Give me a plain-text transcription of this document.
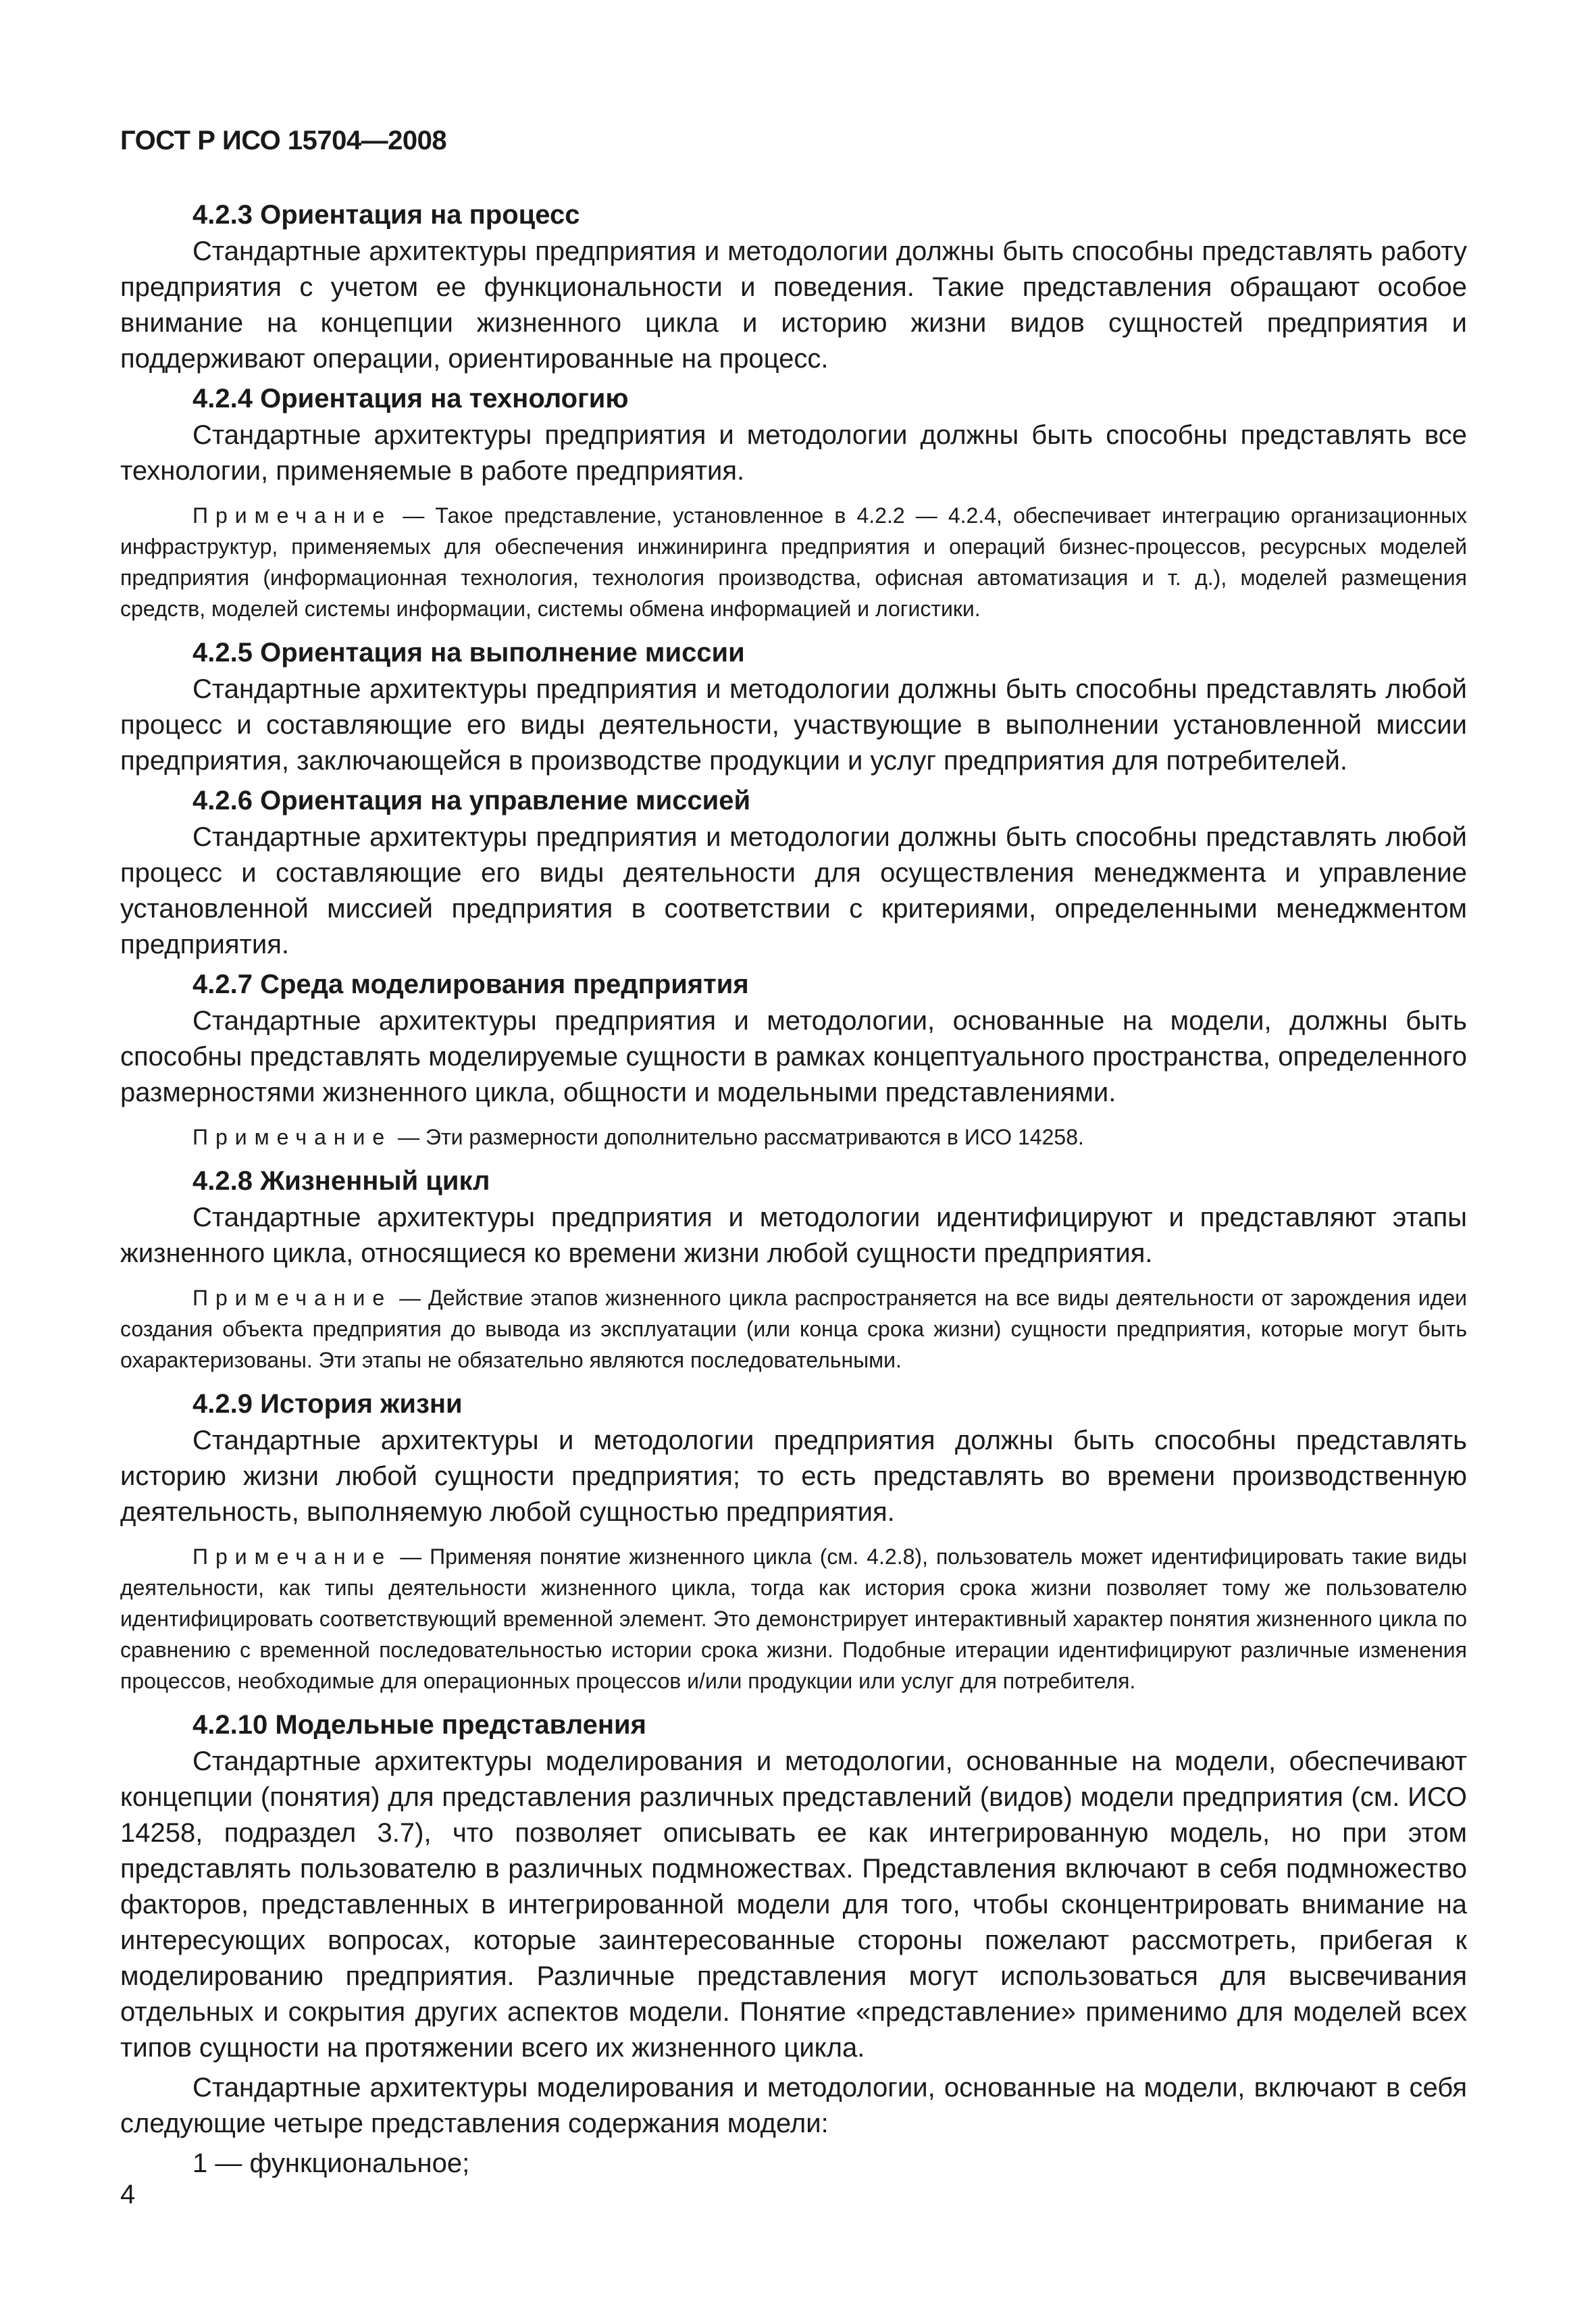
ГОСТ Р ИСО 15704—2008
4.2.3 Ориентация на процесс

Стандартные архитектуры предприятия и методологии должны быть способны представлять работу предприятия с учетом ее функциональности и поведения. Такие представления обращают особое внимание на концепции жизненного цикла и историю жизни видов сущностей предприятия и поддерживают операции, ориентированные на процесс.

4.2.4 Ориентация на технологию

Стандартные архитектуры предприятия и методологии должны быть способны представлять все технологии, применяемые в работе предприятия.

Примечание — Такое представление, установленное в 4.2.2 — 4.2.4, обеспечивает интеграцию организационных инфраструктур, применяемых для обеспечения инжиниринга предприятия и операций бизнес-процессов, ресурсных моделей предприятия (информационная технология, технология производства, офисная автоматизация и т. д.), моделей размещения средств, моделей системы информации, системы обмена информацией и логистики.

4.2.5 Ориентация на выполнение миссии

Стандартные архитектуры предприятия и методологии должны быть способны представлять любой процесс и составляющие его виды деятельности, участвующие в выполнении установленной миссии предприятия, заключающейся в производстве продукции и услуг предприятия для потребителей.

4.2.6 Ориентация на управление миссией

Стандартные архитектуры предприятия и методологии должны быть способны представлять любой процесс и составляющие его виды деятельности для осуществления менеджмента и управление установленной миссией предприятия в соответствии с критериями, определенными менеджментом предприятия.

4.2.7 Среда моделирования предприятия

Стандартные архитектуры предприятия и методологии, основанные на модели, должны быть способны представлять моделируемые сущности в рамках концептуального пространства, определенного размерностями жизненного цикла, общности и модельными представлениями.

Примечание — Эти размерности дополнительно рассматриваются в ИСО 14258.

4.2.8 Жизненный цикл

Стандартные архитектуры предприятия и методологии идентифицируют и представляют этапы жизненного цикла, относящиеся ко времени жизни любой сущности предприятия.

Примечание — Действие этапов жизненного цикла распространяется на все виды деятельности от зарождения идеи создания объекта предприятия до вывода из эксплуатации (или конца срока жизни) сущности предприятия, которые могут быть охарактеризованы. Эти этапы не обязательно являются последовательными.

4.2.9 История жизни

Стандартные архитектуры и методологии предприятия должны быть способны представлять историю жизни любой сущности предприятия; то есть представлять во времени производственную деятельность, выполняемую любой сущностью предприятия.

Примечание — Применяя понятие жизненного цикла (см. 4.2.8), пользователь может идентифицировать такие виды деятельности, как типы деятельности жизненного цикла, тогда как история срока жизни позволяет тому же пользователю идентифицировать соответствующий временной элемент. Это демонстрирует интерактивный характер понятия жизненного цикла по сравнению с временной последовательностью истории срока жизни. Подобные итерации идентифицируют различные изменения процессов, необходимые для операционных процессов и/или продукции или услуг для потребителя.

4.2.10 Модельные представления

Стандартные архитектуры моделирования и методологии, основанные на модели, обеспечивают концепции (понятия) для представления различных представлений (видов) модели предприятия (см. ИСО 14258, подраздел 3.7), что позволяет описывать ее как интегрированную модель, но при этом представлять пользователю в различных подмножествах. Представления включают в себя подмножество факторов, представленных в интегрированной модели для того, чтобы сконцентрировать внимание на интересующих вопросах, которые заинтересованные стороны пожелают рассмотреть, прибегая к моделированию предприятия. Различные представления могут использоваться для высвечивания отдельных и сокрытия других аспектов модели. Понятие «представление» применимо для моделей всех типов сущности на протяжении всего их жизненного цикла.

Стандартные архитектуры моделирования и методологии, основанные на модели, включают в себя следующие четыре представления содержания модели:

1 — функциональное;

4
